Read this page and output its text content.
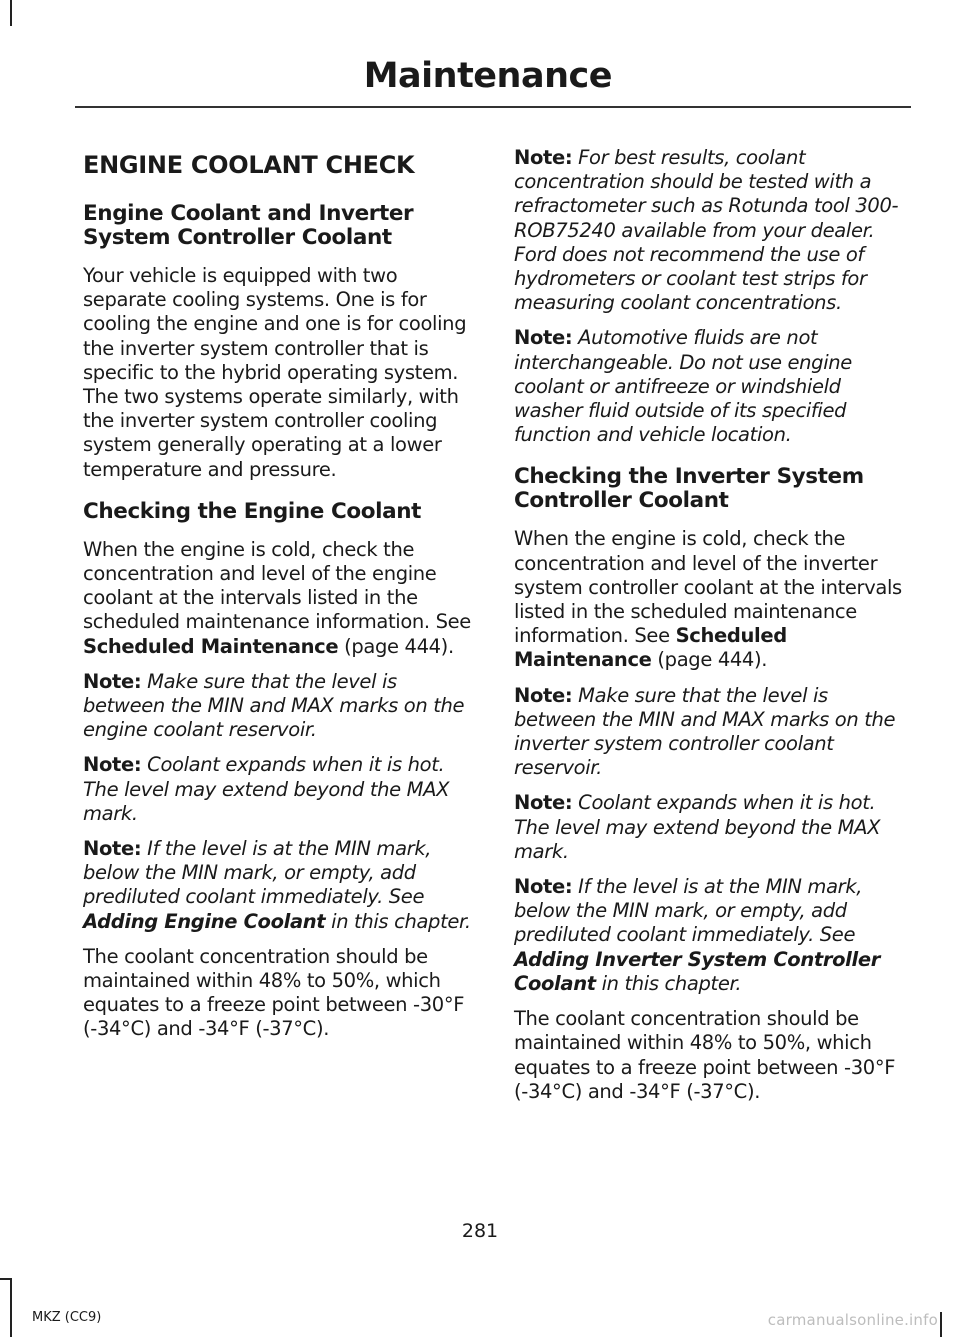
Maintenance
ENGINE COOLANT CHECK
Engine Coolant and Inverter System Controller Coolant

Your vehicle is equipped with two separate cooling systems. One is for cooling the engine and one is for cooling the inverter system controller that is specific to the hybrid operating system. The two systems operate similarly, with the inverter system controller cooling system generally operating at a lower temperature and pressure.

Checking the Engine Coolant

When the engine is cold, check the concentration and level of the engine coolant at the intervals listed in the scheduled maintenance information. See Scheduled Maintenance (page 444).

Note: Make sure that the level is between the MIN and MAX marks on the engine coolant reservoir.

Note: Coolant expands when it is hot. The level may extend beyond the MAX mark.

Note: If the level is at the MIN mark, below the MIN mark, or empty, add prediluted coolant immediately. See Adding Engine Coolant in this chapter.

The coolant concentration should be maintained within 48% to 50%, which equates to a freeze point between -30°F (-34°C) and -34°F (-37°C).

Note: For best results, coolant concentration should be tested with a refractometer such as Rotunda tool 300-ROB75240 available from your dealer. Ford does not recommend the use of hydrometers or coolant test strips for measuring coolant concentrations.

Note: Automotive fluids are not interchangeable. Do not use engine coolant or antifreeze or windshield washer fluid outside of its specified function and vehicle location.

Checking the Inverter System Controller Coolant

When the engine is cold, check the concentration and level of the inverter system controller coolant at the intervals listed in the scheduled maintenance information. See Scheduled Maintenance (page 444).

Note: Make sure that the level is between the MIN and MAX marks on the inverter system controller coolant reservoir.

Note: Coolant expands when it is hot. The level may extend beyond the MAX mark.

Note: If the level is at the MIN mark, below the MIN mark, or empty, add prediluted coolant immediately. See Adding Inverter System Controller Coolant in this chapter.

The coolant concentration should be maintained within 48% to 50%, which equates to a freeze point between -30°F (-34°C) and -34°F (-37°C).

281
MKZ (CC9)	carmanualsonline.info
